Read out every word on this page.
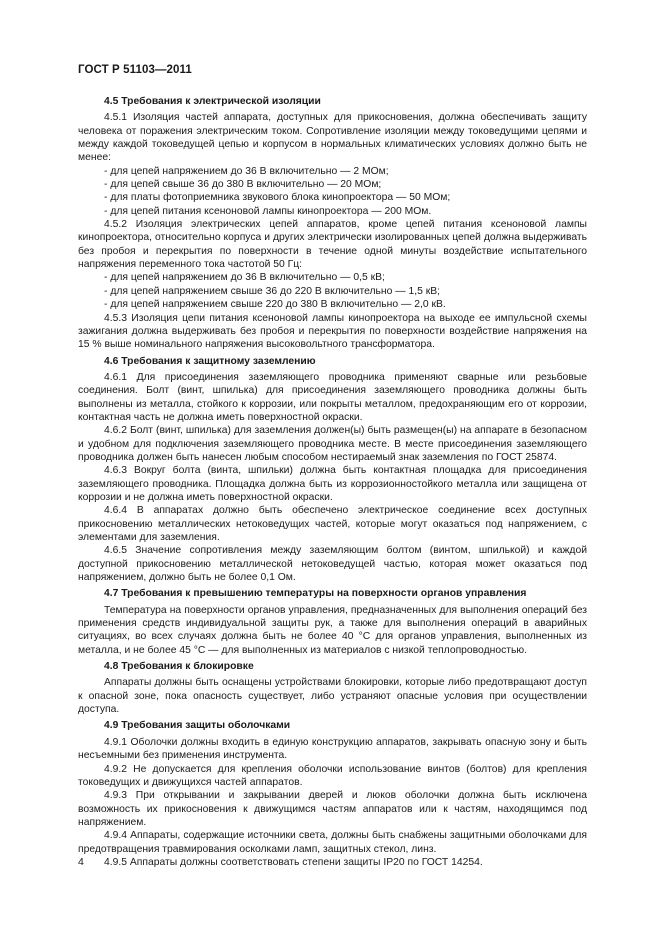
ГОСТ Р 51103—2011

4.5 Требования к электрической изоляции

4.5.1 Изоляция частей аппарата, доступных для прикосновения, должна обеспечивать защиту человека от поражения электрическим током. Сопротивление изоляции между токоведущими цепями и между каждой токоведущей цепью и корпусом в нормальных климатических условиях должно быть не менее:

- для цепей напряжением до 36 В включительно — 2 МОм;

- для цепей свыше 36 до 380 В включительно — 20 МОм;

- для платы фотоприемника звукового блока кинопроектора — 50 МОм;

- для цепей питания ксеноновой лампы кинопроектора — 200 МОм.

4.5.2 Изоляция электрических цепей аппаратов, кроме цепей питания ксеноновой лампы кинопроектора, относительно корпуса и других электрически изолированных цепей должна выдерживать без пробоя и перекрытия по поверхности в течение одной минуты воздействие испытательного напряжения переменного тока частотой 50 Гц:

- для цепей напряжением до 36 В включительно — 0,5 кВ;

- для цепей напряжением свыше 36 до 220 В включительно — 1,5 кВ;

- для цепей напряжением свыше 220 до 380 В включительно — 2,0 кВ.

4.5.3 Изоляция цепи питания ксеноновой лампы кинопроектора на выходе ее импульсной схемы зажигания должна выдерживать без пробоя и перекрытия по поверхности воздействие напряжения на 15 % выше номинального напряжения высоковольтного трансформатора.

4.6 Требования к защитному заземлению

4.6.1 Для присоединения заземляющего проводника применяют сварные или резьбовые соединения. Болт (винт, шпилька) для присоединения заземляющего проводника должны быть выполнены из металла, стойкого к коррозии, или покрыты металлом, предохраняющим его от коррозии, контактная часть не должна иметь поверхностной окраски.

4.6.2 Болт (винт, шпилька) для заземления должен(ы) быть размещен(ы) на аппарате в безопасном и удобном для подключения заземляющего проводника месте. В месте присоединения заземляющего проводника должен быть нанесен любым способом нестираемый знак заземления по ГОСТ 25874.

4.6.3 Вокруг болта (винта, шпильки) должна быть контактная площадка для присоединения заземляющего проводника. Площадка должна быть из коррозионностойкого металла или защищена от коррозии и не должна иметь поверхностной окраски.

4.6.4 В аппаратах должно быть обеспечено электрическое соединение всех доступных прикосновению металлических нетоковедущих частей, которые могут оказаться под напряжением, с элементами для заземления.

4.6.5 Значение сопротивления между заземляющим болтом (винтом, шпилькой) и каждой доступной прикосновению металлической нетоковедущей частью, которая может оказаться под напряжением, должно быть не более 0,1 Ом.

4.7 Требования к превышению температуры на поверхности органов управления

Температура на поверхности органов управления, предназначенных для выполнения операций без применения средств индивидуальной защиты рук, а также для выполнения операций в аварийных ситуациях, во всех случаях должна быть не более 40 °С для органов управления, выполненных из металла, и не более 45 °С — для выполненных из материалов с низкой теплопроводностью.

4.8 Требования к блокировке

Аппараты должны быть оснащены устройствами блокировки, которые либо предотвращают доступ к опасной зоне, пока опасность существует, либо устраняют опасные условия при осуществлении доступа.

4.9 Требования защиты оболочками

4.9.1 Оболочки должны входить в единую конструкцию аппаратов, закрывать опасную зону и быть несъемными без применения инструмента.

4.9.2 Не допускается для крепления оболочки использование винтов (болтов) для крепления токоведущих и движущихся частей аппаратов.

4.9.3 При открывании и закрывании дверей и люков оболочки должна быть исключена возможность их прикосновения к движущимся частям аппаратов или к частям, находящимся под напряжением.

4.9.4 Аппараты, содержащие источники света, должны быть снабжены защитными оболочками для предотвращения травмирования осколками ламп, защитных стекол, линз.

4.9.5 Аппараты должны соответствовать степени защиты IP20 по ГОСТ 14254.

4
